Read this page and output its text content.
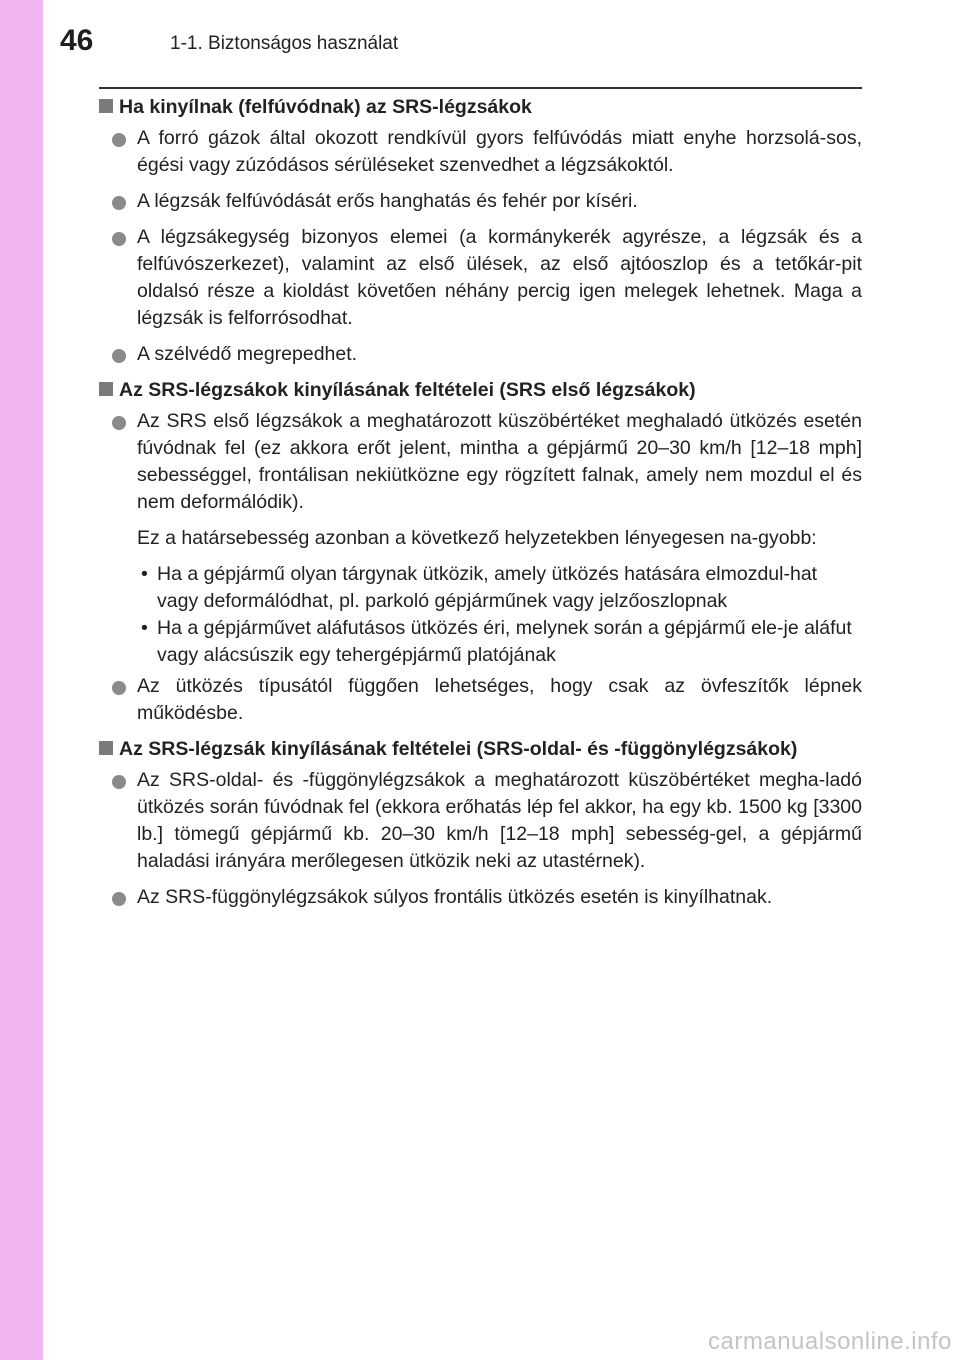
46	1-1. Biztonságos használat
Ha kinyílnak (felfúvódnak) az SRS-légzsákok
A forró gázok által okozott rendkívül gyors felfúvódás miatt enyhe horzsolá-sos, égési vagy zúzódásos sérüléseket szenvedhet a légzsákoktól.
A légzsák felfúvódását erős hanghatás és fehér por kíséri.
A légzsákegység bizonyos elemei (a kormánykerék agyrésze, a légzsák és a felfúvószerkezet), valamint az első ülések, az első ajtóoszlop és a tetőkár-pit oldalsó része a kioldást követően néhány percig igen melegek lehetnek. Maga a légzsák is felforrósodhat.
A szélvédő megrepedhet.
Az SRS-légzsákok kinyílásának feltételei (SRS első légzsákok)
Az SRS első légzsákok a meghatározott küszöbértéket meghaladó ütközés esetén fúvódnak fel (ez akkora erőt jelent, mintha a gépjármű 20–30 km/h [12–18 mph] sebességgel, frontálisan nekiütközne egy rögzített falnak, amely nem mozdul el és nem deformálódik).
Ez a határsebesség azonban a következő helyzetekben lényegesen na-gyobb:
• Ha a gépjármű olyan tárgynak ütközik, amely ütközés hatására elmozdul-hat vagy deformálódhat, pl. parkoló gépjárműnek vagy jelzőoszlopnak
• Ha a gépjárművet aláfutásos ütközés éri, melynek során a gépjármű ele-je aláfut vagy alácsúszik egy tehergépjármű platójának
Az ütközés típusától függően lehetséges, hogy csak az övfeszítők lépnek működésbe.
Az SRS-légzsák kinyílásának feltételei (SRS-oldal- és -függönylégzsákok)
Az SRS-oldal- és -függönylégzsákok a meghatározott küszöbértéket megha-ladó ütközés során fúvódnak fel (ekkora erőhatás lép fel akkor, ha egy kb. 1500 kg [3300 lb.] tömegű gépjármű kb. 20–30 km/h [12–18 mph] sebesség-gel, a gépjármű haladási irányára merőlegesen ütközik neki az utastérnek).
Az SRS-függönylégzsákok súlyos frontális ütközés esetén is kinyílhatnak.
carmanualsonline.info
